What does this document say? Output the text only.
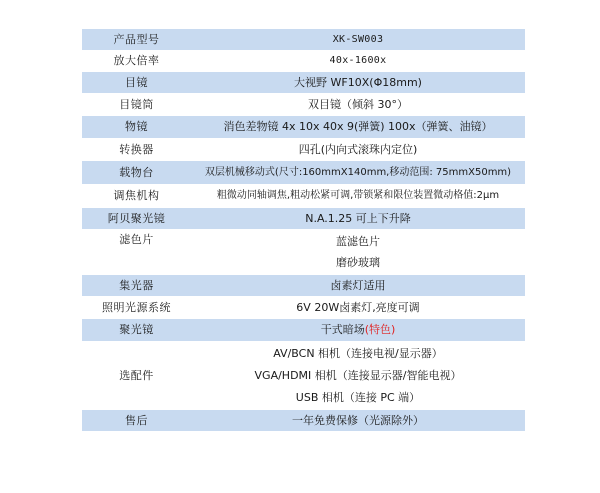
产品型号	XK-SW003
放大倍率	40x-1600x
目镜	大视野 WF10X(Φ18mm)
目镜筒	双目镜（倾斜 30°）
物镜	消色差物镜 4x 10x 40x 9(弹簧) 100x（弹簧、油镜）
转换器	四孔(内向式滚珠内定位)
载物台	双层机械移动式(尺寸:160mmX140mm,移动范围: 75mmX50mm)
调焦机构	粗微动同轴调焦,粗动松紧可调,带锁紧和限位装置微动格值:2μm
阿贝聚光镜	N.A.1.25 可上下升降
滤色片	蓝滤色片
磨砂玻璃

集光器	卤素灯适用
照明光源系统	6V 20W卤素灯,亮度可调
聚光镜	干式暗场(特色)
选配件	AV/BCN 相机（连接电视/显示器）
VGA/HDMI 相机（连接显示器/智能电视）
USB 相机（连接 PC 端）

售后	一年免费保修（光源除外）
